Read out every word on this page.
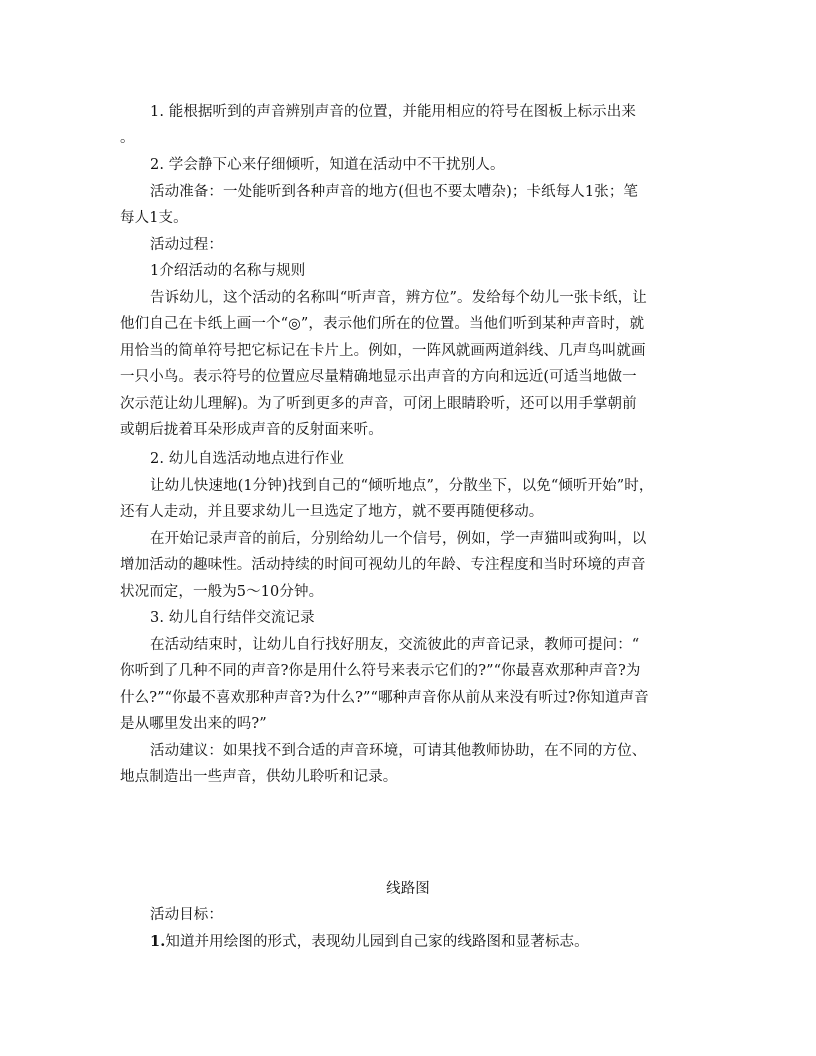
1. 能根据听到的声音辨别声音的位置，并能用相应的符号在图板上标示出来
。
2. 学会静下心来仔细倾听，知道在活动中不干扰别人。
活动准备：一处能听到各种声音的地方(但也不要太嘈杂)；卡纸每人1张；笔
每人1支。
活动过程：
1介绍活动的名称与规则
告诉幼儿，这个活动的名称叫“听声音，辨方位”。发给每个幼儿一张卡纸，让
他们自己在卡纸上画一个“◎”，表示他们所在的位置。当他们听到某种声音时，就
用恰当的简单符号把它标记在卡片上。例如，一阵风就画两道斜线、几声鸟叫就画
一只小鸟。表示符号的位置应尽量精确地显示出声音的方向和远近(可适当地做一
次示范让幼儿理解)。为了听到更多的声音，可闭上眼睛聆听，还可以用手掌朝前
或朝后拢着耳朵形成声音的反射面来听。
2. 幼儿自选活动地点进行作业
让幼儿快速地(1分钟)找到自己的“倾听地点”，分散坐下，以免“倾听开始”时，
还有人走动，并且要求幼儿一旦选定了地方，就不要再随便移动。
在开始记录声音的前后，分别给幼儿一个信号，例如，学一声猫叫或狗叫，以
增加活动的趣味性。活动持续的时间可视幼儿的年龄、专注程度和当时环境的声音
状况而定，一般为5～10分钟。
3. 幼儿自行结伴交流记录
在活动结束时，让幼儿自行找好朋友，交流彼此的声音记录，教师可提问：“
你听到了几种不同的声音?你是用什么符号来表示它们的?”“你最喜欢那种声音?为
什么?”“你最不喜欢那种声音?为什么?”“哪种声音你从前从来没有听过?你知道声音
是从哪里发出来的吗?”
活动建议：如果找不到合适的声音环境，可请其他教师协助，在不同的方位、
地点制造出一些声音，供幼儿聆听和记录。
线路图
活动目标：
1.知道并用绘图的形式，表现幼儿园到自己家的线路图和显著标志。
